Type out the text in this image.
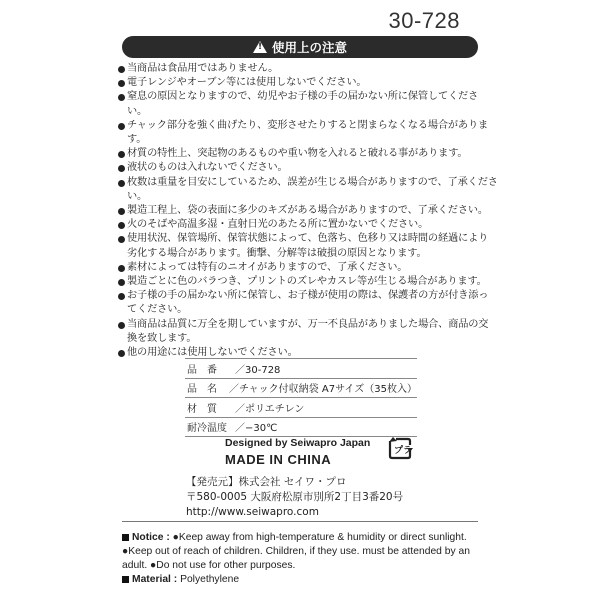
30-728
!
使用上の注意
当商品は食品用ではありません。
電子レンジやオーブン等には使用しないでください。
窒息の原因となりますので、幼児やお子様の手の届かない所に保管してください。
チャック部分を強く曲げたり、変形させたりすると閉まらなくなる場合があります。
材質の特性上、突起物のあるものや重い物を入れると破れる事があります。
液状のものは入れないでください。
枚数は重量を目安にしているため、誤差が生じる場合がありますので、了承ください。
製造工程上、袋の表面に多少のキズがある場合がありますので、了承ください。
火のそばや高温多湿・直射日光のあたる所に置かないでください。
使用状況、保管場所、保管状態によって、色落ち、色移り又は時間の経過により劣化する場合があります。衝撃、分解等は破損の原因となります。
素材によっては特有のニオイがありますので、了承ください。
製造ごとに色のバラつき、プリントのズレやカスレ等が生じる場合があります。
お子様の手の届かない所に保管し、お子様が使用の際は、保護者の方が付き添ってください。
当商品は品質に万全を期していますが、万一不良品がありました場合、商品の交換を致します。
他の用途には使用しないでください。
品　番	／30-728
品　名	／チャック付収納袋 A7サイズ（35枚入）
材　質	／ポリエチレン
耐冷温度 ／−30℃
Designed by Seiwapro Japan
MADE IN CHINA
プラ
【発売元】株式会社 セイワ・プロ
〒580-0005 大阪府松原市別所2丁目3番20号
http://www.seiwapro.com
Notice : ●Keep away from high-temperature & humidity or direct sunlight. ●Keep out of reach of children. Children, if they use. must be attended by an adult. ●Do not use for other purposes.
Material : Polyethylene
